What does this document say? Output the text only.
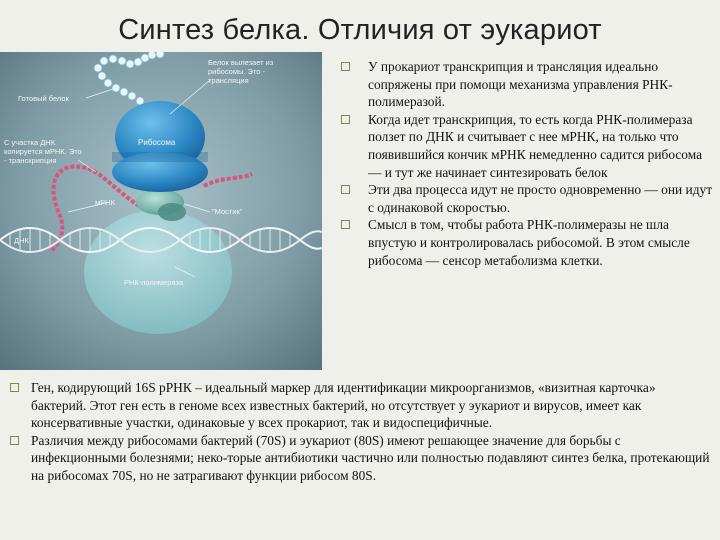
Синтез белка. Отличия от эукариот
Белок вылезает из рибосомы. Это - трансляция
Готовый белок
С участка ДНК копируется мРНК. Это - транскрипция
Рибосома
мРНК
"Мостик"
ДНК
РНК-полимераза
У прокариот транскрипция и трансляция идеально сопряжены при помощи механизма управления РНК-полимеразой.
Когда идет транскрипция, то есть когда РНК-полимераза ползет по ДНК и считывает с нее мРНК, на только что появившийся кончик мРНК немедленно садится рибосома — и тут же начинает синтезировать белок
Эти два процесса идут не просто одновременно — они идут с одинаковой скоростью.
Смысл в том, чтобы работа РНК-полимеразы не шла впустую и контролировалась рибосомой. В этом смысле рибосома — сенсор метаболизма клетки.
Ген, кодирующий 16S рРНК – идеальный маркер для идентификации микроорганизмов, «визитная карточка» бактерий. Этот ген есть в геноме всех известных бактерий, но отсутствует у эукариот и вирусов, имеет как консервативные участки, одинаковые у всех прокариот, так и видоспецифичные.
Различия между рибосомами бактерий (70S) и эукариот (80S) имеют решающее значение для борьбы с инфекционными болезнями; неко-торые антибиотики частично или полностью подавляют синтез белка, протекающий на рибосомах 70S, но не затрагивают функции рибосом 80S.
